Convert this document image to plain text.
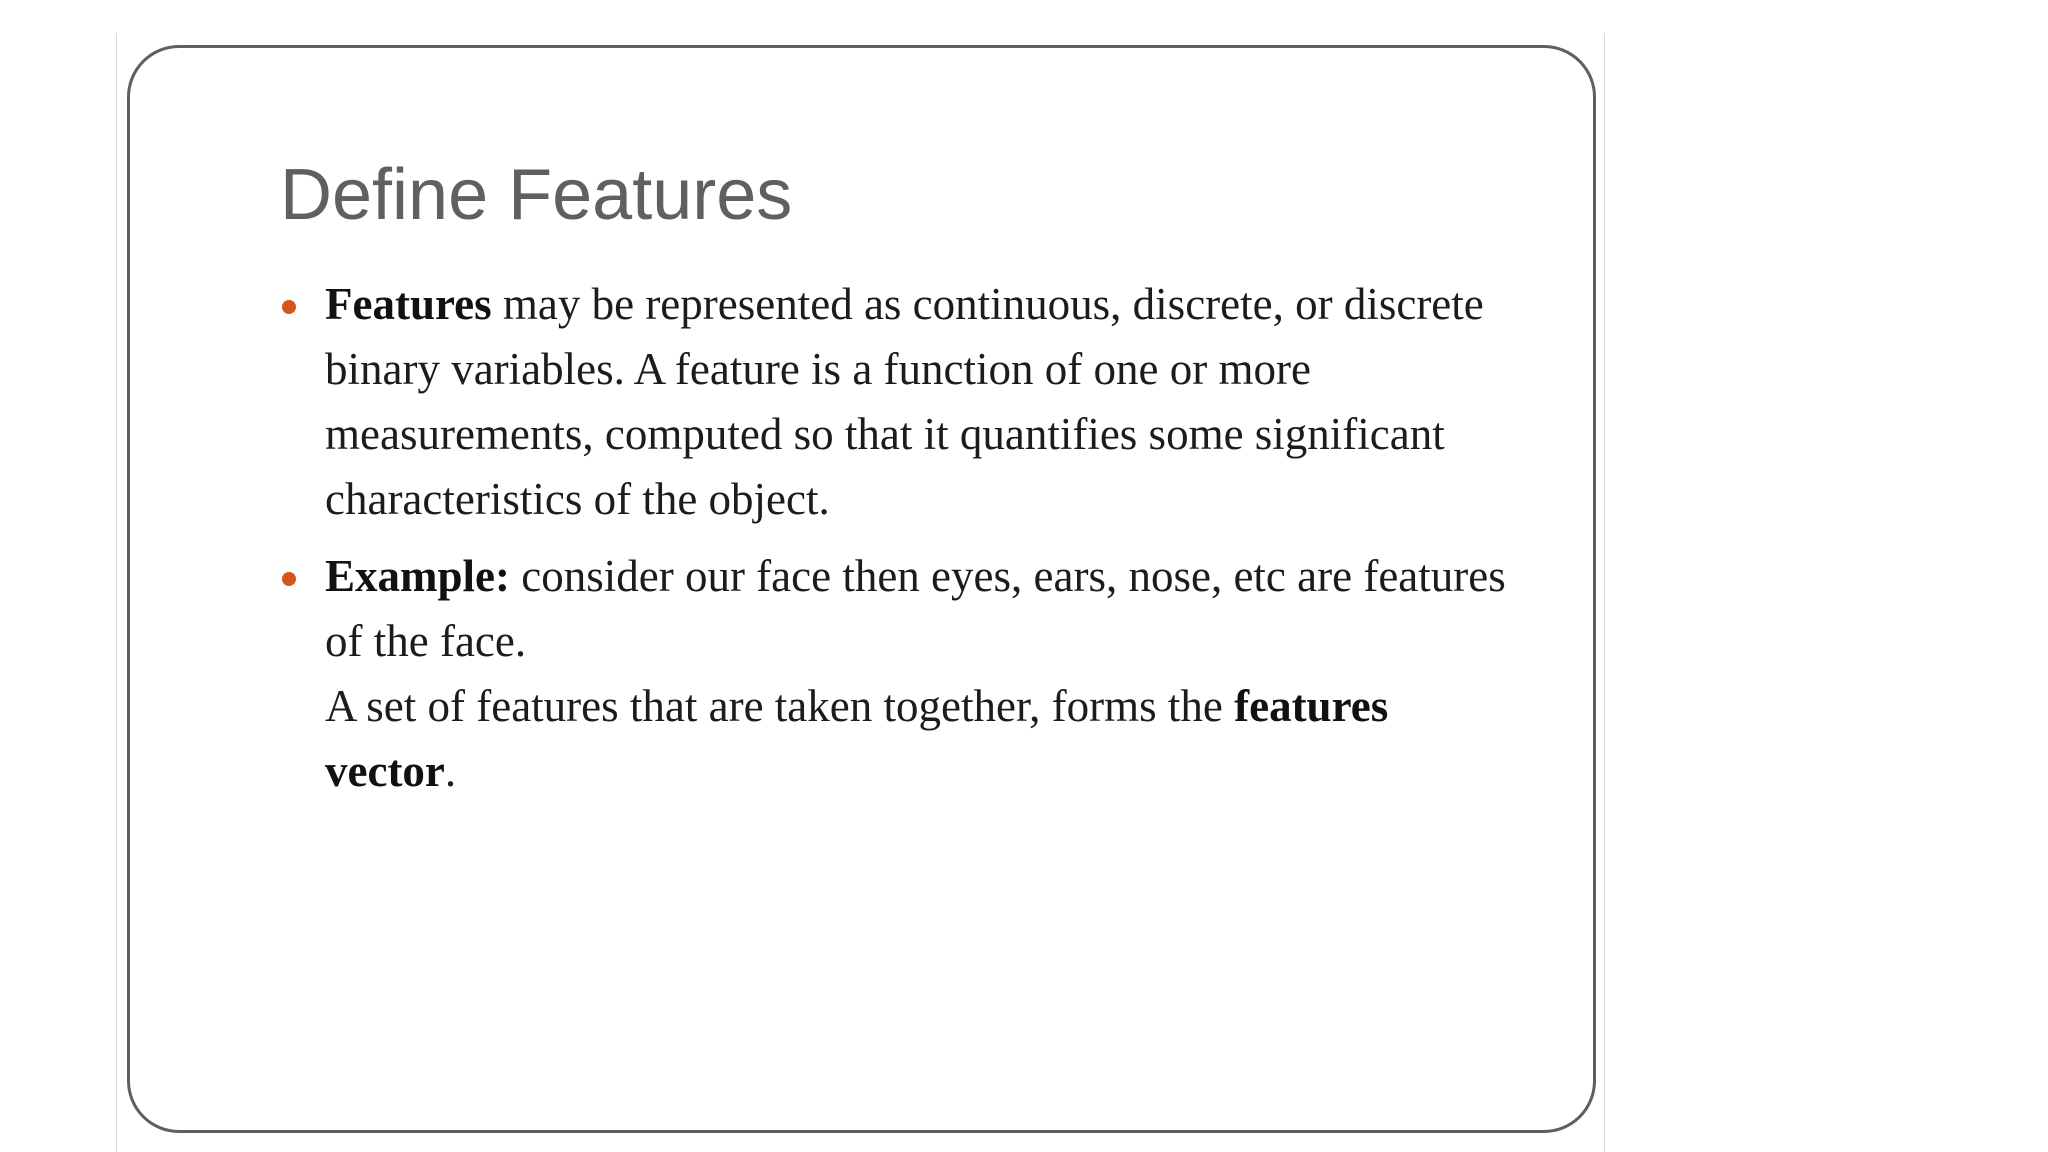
Define Features
Features may be represented as continuous, discrete, or discrete binary variables. A feature is a function of one or more measurements, computed so that it quantifies some significant characteristics of the object.
Example: consider our face then eyes, ears, nose, etc are features of the face.
A set of features that are taken together, forms the features vector.
